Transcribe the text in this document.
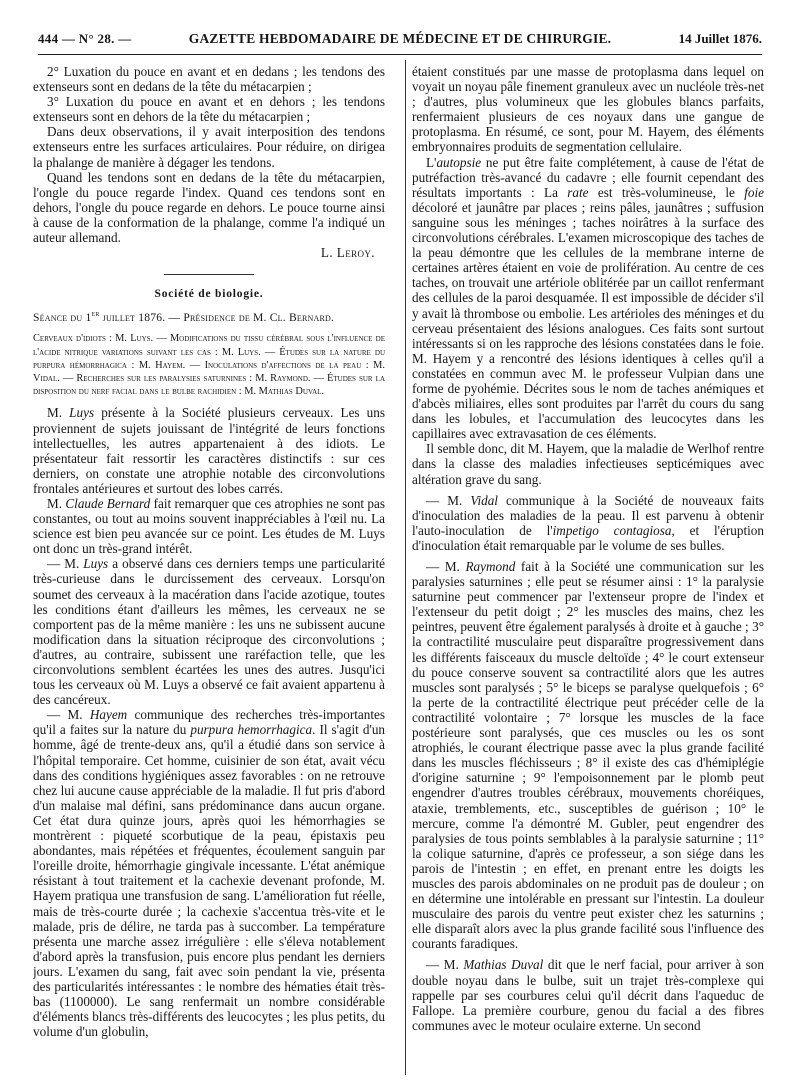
444 — N° 28. —	GAZETTE HEBDOMADAIRE DE MÉDECINE ET DE CHIRURGIE.	14 Juillet 1876.

2° Luxation du pouce en avant et en dedans ; les tendons des extenseurs sont en dedans de la tête du métacarpien ;

3° Luxation du pouce en avant et en dehors ; les tendons extenseurs sont en dehors de la tête du métacarpien ;

Dans deux observations, il y avait interposition des tendons extenseurs entre les surfaces articulaires. Pour réduire, on dirigea la phalange de manière à dégager les tendons.

Quand les tendons sont en dedans de la tête du métacarpien, l'ongle du pouce regarde l'index. Quand ces tendons sont en dehors, l'ongle du pouce regarde en dehors. Le pouce tourne ainsi à cause de la conformation de la phalange, comme l'a indiqué un auteur allemand.

L. Leroy.

Société de biologie.

Séance du 1er juillet 1876. — Présidence de M. Cl. Bernard.

Cerveaux d'idiots : M. Luys. — Modifications du tissu cérébral sous l'influence de l'acide nitrique variations suivant les cas : M. Luys. — Études sur la nature du purpura hémorrhagica : M. Hayem. — Inoculations d'affections de la peau : M. Vidal. — Recherches sur les paralysies saturnines : M. Raymond. — Études sur la disposition du nerf facial dans le bulbe rachidien : M. Mathias Duval.

M. Luys présente à la Société plusieurs cerveaux. Les uns proviennent de sujets jouissant de l'intégrité de leurs fonctions intellectuelles, les autres appartenaient à des idiots. Le présentateur fait ressortir les caractères distinctifs : sur ces derniers, on constate une atrophie notable des circonvolutions frontales antérieures et surtout des lobes carrés.

M. Claude Bernard fait remarquer que ces atrophies ne sont pas constantes, ou tout au moins souvent inappréciables à l'œil nu. La science est bien peu avancée sur ce point. Les études de M. Luys ont donc un très-grand intérêt.

— M. Luys a observé dans ces derniers temps une particularité très-curieuse dans le durcissement des cerveaux. Lorsqu'on soumet des cerveaux à la macération dans l'acide azotique, toutes les conditions étant d'ailleurs les mêmes, les cerveaux ne se comportent pas de la même manière : les uns ne subissent aucune modification dans la situation réciproque des circonvolutions ; d'autres, au contraire, subissent une raréfaction telle, que les circonvolutions semblent écartées les unes des autres. Jusqu'ici tous les cerveaux où M. Luys a observé ce fait avaient appartenu à des cancéreux.

— M. Hayem communique des recherches très-importantes qu'il a faites sur la nature du purpura hemorrhagica. Il s'agit d'un homme, âgé de trente-deux ans, qu'il a étudié dans son service à l'hôpital temporaire. Cet homme, cuisinier de son état, avait vécu dans des conditions hygiéniques assez favorables : on ne retrouve chez lui aucune cause appréciable de la maladie. Il fut pris d'abord d'un malaise mal défini, sans prédominance dans aucun organe. Cet état dura quinze jours, après quoi les hémorrhagies se montrèrent : piqueté scorbutique de la peau, épistaxis peu abondantes, mais répétées et fréquentes, écoulement sanguin par l'oreille droite, hémorrhagie gingivale incessante. L'état anémique résistant à tout traitement et la cachexie devenant profonde, M. Hayem pratiqua une transfusion de sang. L'amélioration fut réelle, mais de très-courte durée ; la cachexie s'accentua très-vite et le malade, pris de délire, ne tarda pas à succomber. La température présenta une marche assez irrégulière : elle s'éleva notablement d'abord après la transfusion, puis encore plus pendant les derniers jours. L'examen du sang, fait avec soin pendant la vie, présenta des particularités intéressantes : le nombre des hématies était très-bas (1100000). Le sang renfermait un nombre considérable d'éléments blancs très-différents des leucocytes ; les plus petits, du volume d'un globulin,

étaient constitués par une masse de protoplasma dans lequel on voyait un noyau pâle finement granuleux avec un nucléole très-net ; d'autres, plus volumineux que les globules blancs parfaits, renfermaient plusieurs de ces noyaux dans une gangue de protoplasma. En résumé, ce sont, pour M. Hayem, des éléments embryonnaires produits de segmentation cellulaire.

L'autopsie ne put être faite complétement, à cause de l'état de putréfaction très-avancé du cadavre ; elle fournit cependant des résultats importants : La rate est très-volumineuse, le foie décoloré et jaunâtre par places ; reins pâles, jaunâtres ; suffusion sanguine sous les méninges ; taches noirâtres à la surface des circonvolutions cérébrales. L'examen microscopique des taches de la peau démontre que les cellules de la membrane interne de certaines artères étaient en voie de prolifération. Au centre de ces taches, on trouvait une artériole oblitérée par un caillot renfermant des cellules de la paroi desquamée. Il est impossible de décider s'il y avait là thrombose ou embolie. Les artérioles des méninges et du cerveau présentaient des lésions analogues. Ces faits sont surtout intéressants si on les rapproche des lésions constatées dans le foie. M. Hayem y a rencontré des lésions identiques à celles qu'il a constatées en commun avec M. le professeur Vulpian dans une forme de pyohémie. Décrites sous le nom de taches anémiques et d'abcès miliaires, elles sont produites par l'arrêt du cours du sang dans les lobules, et l'accumulation des leucocytes dans les capillaires avec extravasation de ces éléments.

Il semble donc, dit M. Hayem, que la maladie de Werlhof rentre dans la classe des maladies infectieuses septicémiques avec altération grave du sang.

— M. Vidal communique à la Société de nouveaux faits d'inoculation des maladies de la peau. Il est parvenu à obtenir l'auto-inoculation de l'impetigo contagiosa, et l'éruption d'inoculation était remarquable par le volume de ses bulles.

— M. Raymond fait à la Société une communication sur les paralysies saturnines ; elle peut se résumer ainsi : 1° la paralysie saturnine peut commencer par l'extenseur propre de l'index et l'extenseur du petit doigt ; 2° les muscles des mains, chez les peintres, peuvent être également paralysés à droite et à gauche ; 3° la contractilité musculaire peut disparaître progressivement dans les différents faisceaux du muscle deltoïde ; 4° le court extenseur du pouce conserve souvent sa contractilité alors que les autres muscles sont paralysés ; 5° le biceps se paralyse quelquefois ; 6° la perte de la contractilité électrique peut précéder celle de la contractilité volontaire ; 7° lorsque les muscles de la face postérieure sont paralysés, que ces muscles ou les os sont atrophiés, le courant électrique passe avec la plus grande facilité dans les muscles fléchisseurs ; 8° il existe des cas d'hémiplégie d'origine saturnine ; 9° l'empoisonnement par le plomb peut engendrer d'autres troubles cérébraux, mouvements choréiques, ataxie, tremblements, etc., susceptibles de guérison ; 10° le mercure, comme l'a démontré M. Gubler, peut engendrer des paralysies de tous points semblables à la paralysie saturnine ; 11° la colique saturnine, d'après ce professeur, a son siége dans les parois de l'intestin ; en effet, en prenant entre les doigts les muscles des parois abdominales on ne produit pas de douleur ; on en détermine une intolérable en pressant sur l'intestin. La douleur musculaire des parois du ventre peut exister chez les saturnins ; elle disparaît alors avec la plus grande facilité sous l'influence des courants faradiques.

— M. Mathias Duval dit que le nerf facial, pour arriver à son double noyau dans le bulbe, suit un trajet très-complexe qui rappelle par ses courbures celui qu'il décrit dans l'aqueduc de Fallope. La première courbure, genou du facial a des fibres communes avec le moteur oculaire externe. Un second
